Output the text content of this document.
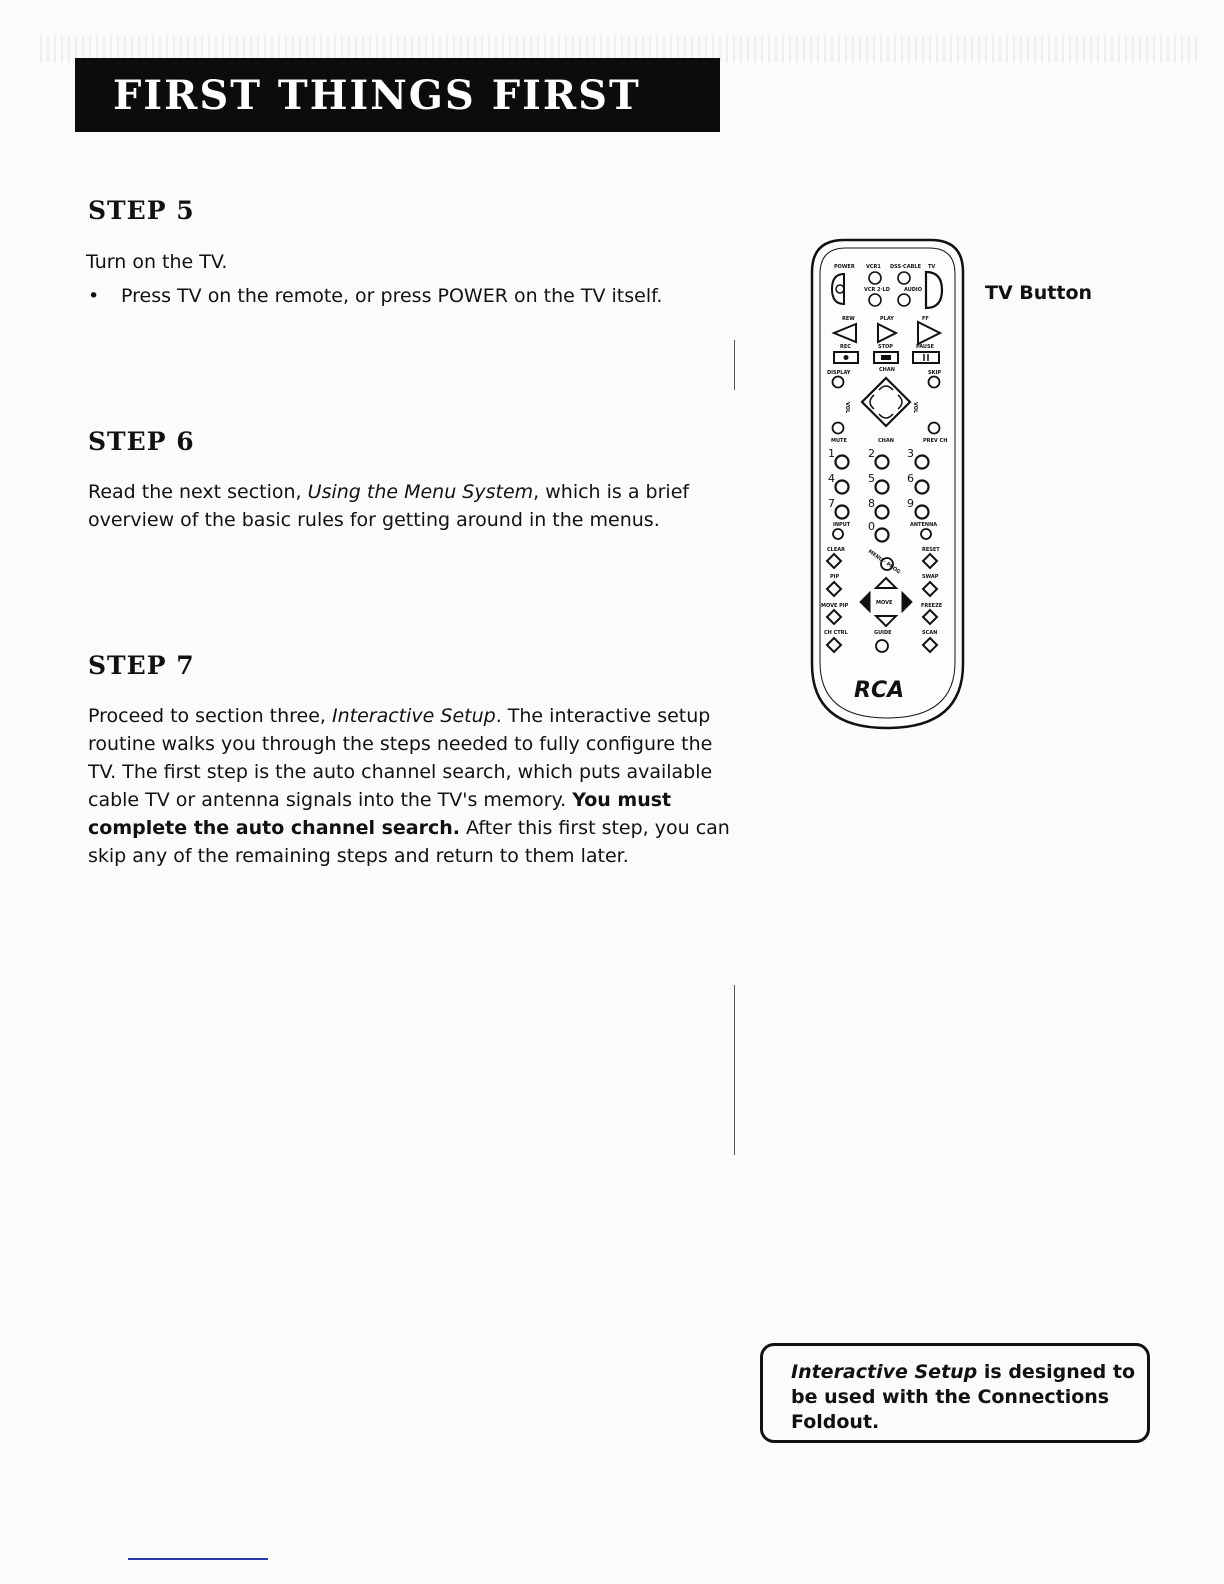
FIRST THINGS FIRST
STEP 5

Turn on the TV.

• Press TV on the remote, or press POWER on the TV itself.
STEP 6

Read the next section, Using the Menu System, which is a brief overview of the basic rules for getting around in the menus.

STEP 7

Proceed to section three, Interactive Setup. The interactive setup routine walks you through the steps needed to fully configure the TV. The first step is the auto channel search, which puts available cable TV or antenna signals into the TV's memory. You must complete the auto channel search. After this first step, you can skip any of the remaining steps and return to them later.

POWER VCR1 DSS·CABLE TV
VCR 2·LD	AUDIO
REW	PLAY	FF
REC	STOP	PAUSE
DISPLAY	CHAN	SKIP
VOL	VOL
MUTE	CHAN	PREV CH
1	2	3
4	5	6
7	8	9
0
INPUT	ANTENNA
CLEAR	MENU · PROG	RESET
PIP	SWAP
MOVE PIP	MOVE	FREEZE
CH CTRL	GUIDE	SCAN
RCA
TV Button
Interactive Setup is designed to be used with the Connections Foldout.
